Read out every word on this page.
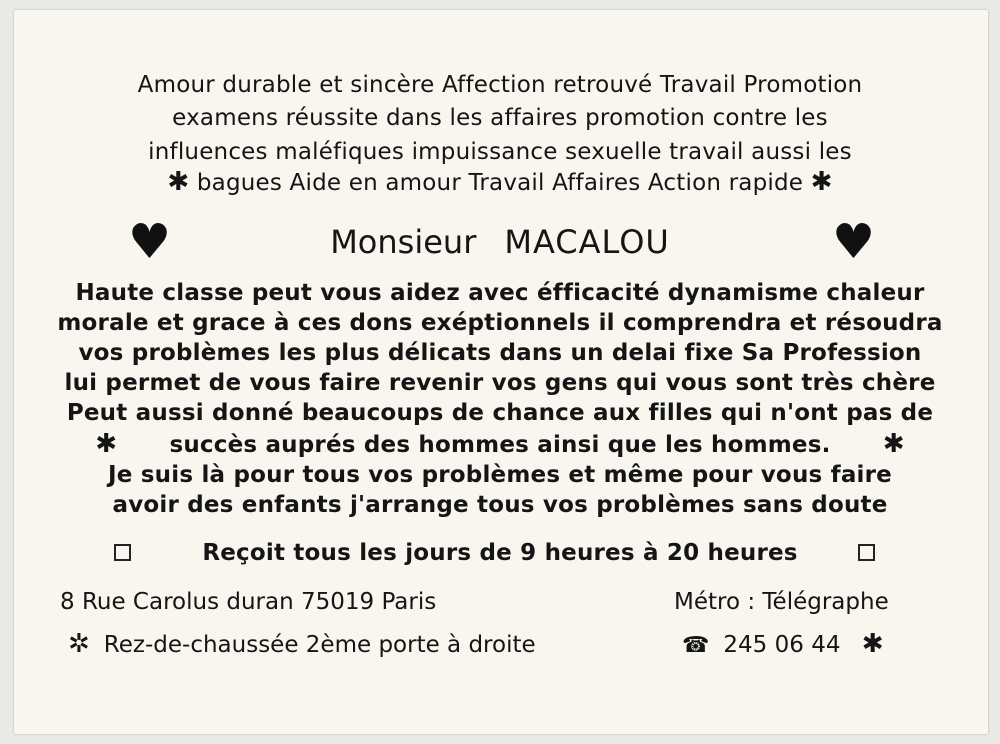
Amour durable et sincère Affection retrouvé Travail Promotion
examens réussite dans les affaires promotion contre les
influences maléfiques impuissance sexuelle travail aussi les
✱ bagues Aide en amour Travail Affaires Action rapide ✱
♥	Monsieur MACALOU	♥
Haute classe peut vous aidez avec éfficacité dynamisme chaleur
morale et grace à ces dons exéptionnels il comprendra et résoudra
vos problèmes les plus délicats dans un delai fixe Sa Profession
lui permet de vous faire revenir vos gens qui vous sont très chère
Peut aussi donné beaucoups de chance aux filles qui n'ont pas de
✱ succès auprés des hommes ainsi que les hommes. ✱
Je suis là pour tous vos problèmes et même pour vous faire
avoir des enfants j'arrange tous vos problèmes sans doute
Reçoit tous les jours de 9 heures à 20 heures
8 Rue Carolus duran 75019 Paris	Métro : Télégraphe
✲ Rez-de-chaussée 2ème porte à droite	☎ 245 06 44 ✱
